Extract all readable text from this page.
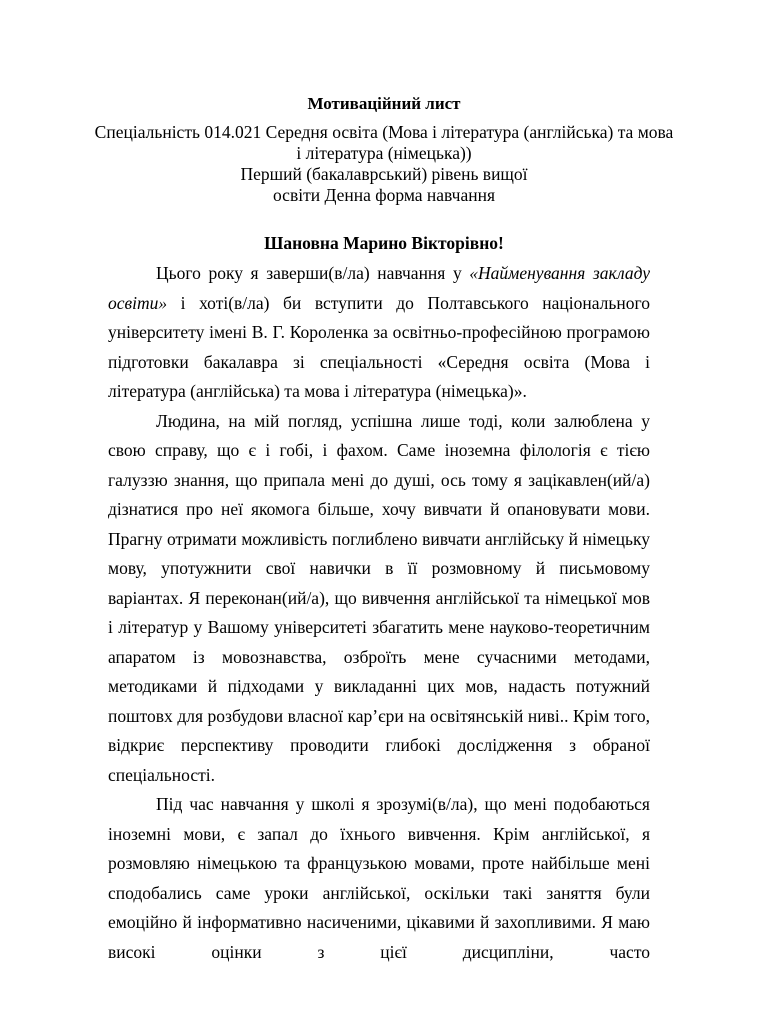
Мотиваційний лист

Спеціальність 014.021 Середня освіта (Мова і література (англійська) та мова

і література (німецька))

Перший (бакалаврський) рівень вищої

освіти Денна форма навчання

Шановна Марино Вікторівно!

Цього року я заверши(в/ла) навчання у «Найменування закладу освіти» і хоті(в/ла) би вступити до Полтавського національного університету імені В. Г. Короленка за освітньо-професійною програмою підготовки бакалавра зі спеціальності «Середня освіта (Мова і література (англійська) та мова і література (німецька)».

Людина, на мій погляд, успішна лише тоді, коли залюблена у свою справу, що є і гобі, і фахом. Саме іноземна філологія є тією галуззю знання, що припала мені до душі, ось тому я зацікавлен(ий/а) дізнатися про неї якомога більше, хочу вивчати й опановувати мови. Прагну отримати можливість поглиблено вивчати англійську й німецьку мову, употужнити свої навички в її розмовному й письмовому варіантах. Я переконан(ий/а), що вивчення англійської та німецької мов і літератур у Вашому університеті збагатить мене науково-теоретичним апаратом із мовознавства, озброїть мене сучасними методами, методиками й підходами у викладанні цих мов, надасть потужний поштовх для розбудови власної кар’єри на освітянській ниві.. Крім того, відкриє перспективу проводити глибокі дослідження з обраної спеціальності.

Під час навчання у школі я зрозумі(в/ла), що мені подобаються іноземні мови, є запал до їхнього вивчення. Крім англійської, я розмовляю німецькою та французькою мовами, проте найбільше мені сподобались саме уроки англійської, оскільки такі заняття були емоційно й інформативно насиченими, цікавими й захопливими. Я маю високі оцінки з цієї дисципліни, часто
